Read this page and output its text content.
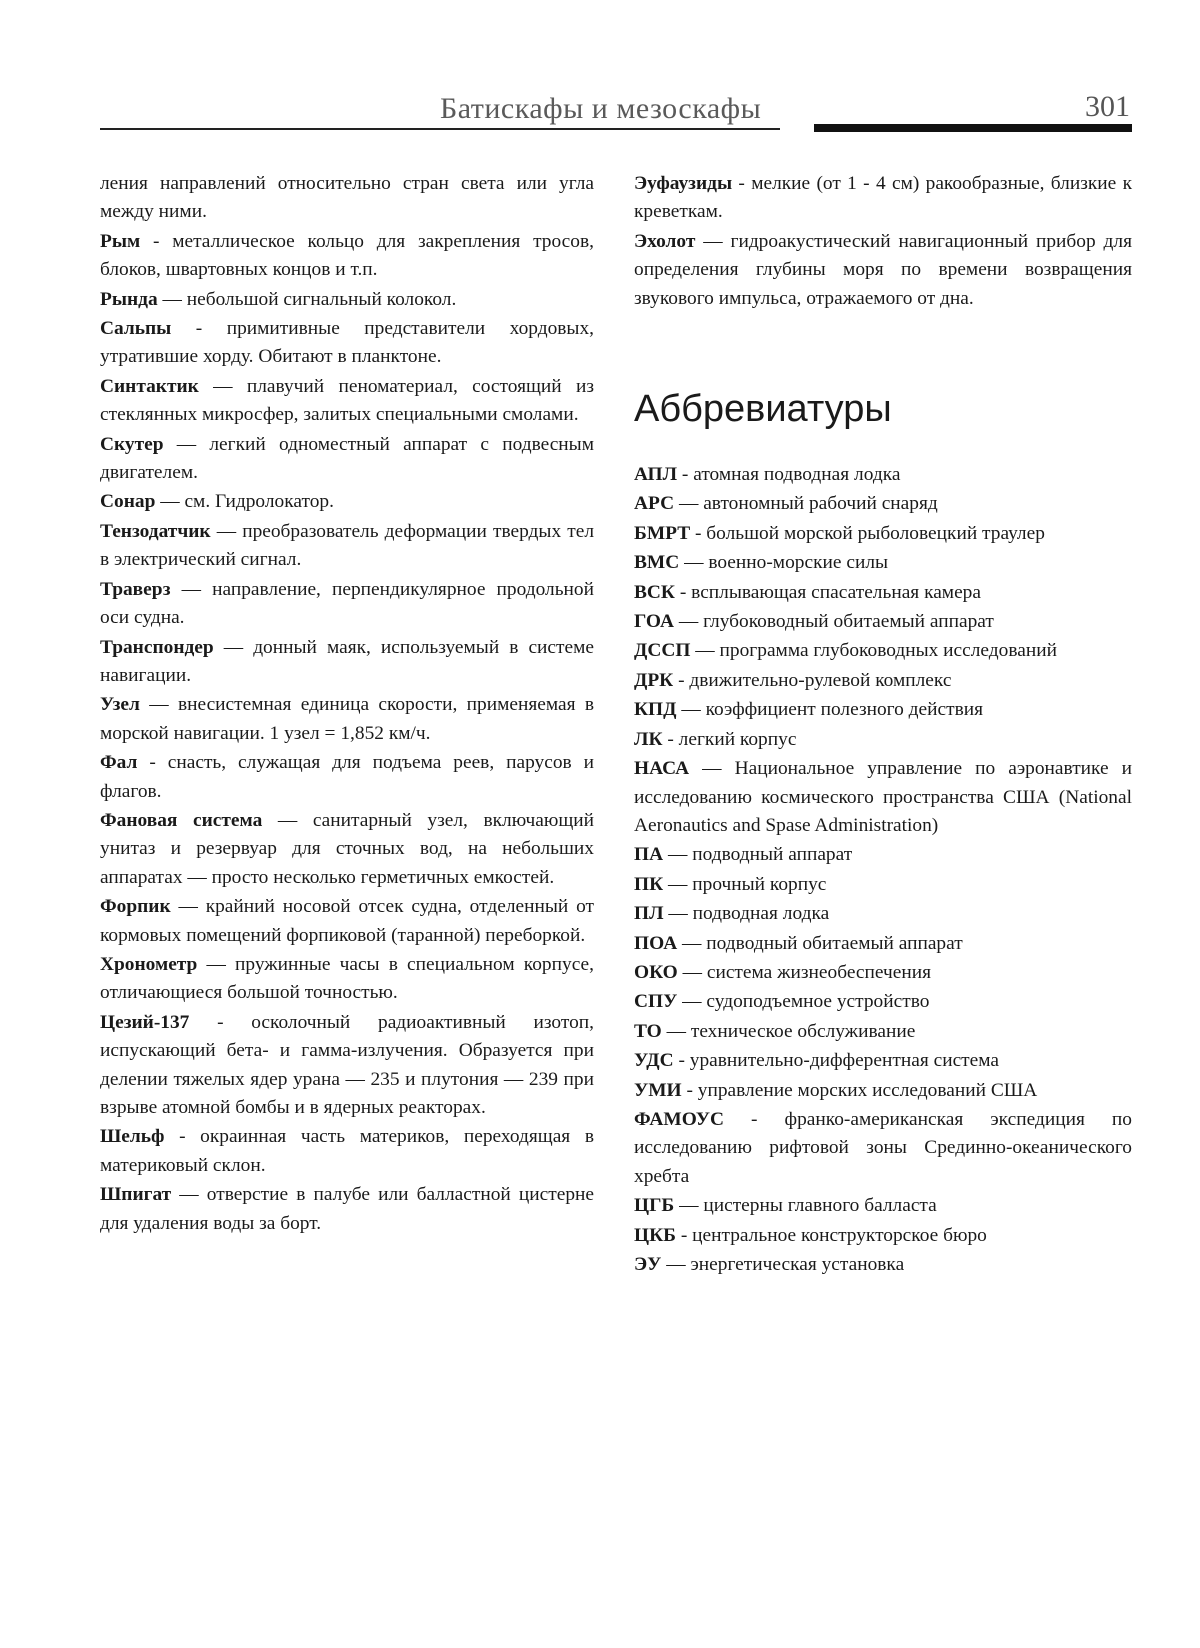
Батискафы и мезоскафы	301

ления направлений относительно стран света или угла между ними.

Рым - металлическое кольцо для закрепления тросов, блоков, швартовных концов и т.п.

Рында — небольшой сигнальный колокол.

Сальпы - примитивные представители хордовых, утратившие хорду. Обитают в планктоне.

Синтактик — плавучий пеноматериал, состоящий из стеклянных микросфер, залитых специальными смолами.

Скутер — легкий одноместный аппарат с подвесным двигателем.

Сонар — см. Гидролокатор.

Тензодатчик — преобразователь деформации твердых тел в электрический сигнал.

Траверз — направление, перпендикулярное продольной оси судна.

Транспондер — донный маяк, используемый в системе навигации.

Узел — внесистемная единица скорости, применяемая в морской навигации. 1 узел = 1,852 км/ч.

Фал - снасть, служащая для подъема реев, парусов и флагов.

Фановая система — санитарный узел, включающий унитаз и резервуар для сточных вод, на небольших аппаратах — просто несколько герметичных емкостей.

Форпик — крайний носовой отсек судна, отделенный от кормовых помещений форпиковой (таранной) переборкой.

Хронометр — пружинные часы в специальном корпусе, отличающиеся большой точностью.

Цезий-137 - осколочный радиоактивный изотоп, испускающий бета- и гамма-излучения. Образуется при делении тяжелых ядер урана — 235 и плутония — 239 при взрыве атомной бомбы и в ядерных реакторах.

Шельф - окраинная часть материков, переходящая в материковый склон.

Шпигат — отверстие в палубе или балластной цистерне для удаления воды за борт.

Эуфаузиды - мелкие (от 1 - 4 см) ракообразные, близкие к креветкам.

Эхолот — гидроакустический навигационный прибор для определения глубины моря по времени возвращения звукового импульса, отражаемого от дна.

Аббревиатуры

АПЛ - атомная подводная лодка

АРС — автономный рабочий снаряд

БМРТ - большой морской рыболовецкий траулер

ВМС — военно-морские силы

ВСК - всплывающая спасательная камера

ГОА — глубоководный обитаемый аппарат

ДССП — программа глубоководных исследований

ДРК - движительно-рулевой комплекс

КПД — коэффициент полезного действия

ЛК - легкий корпус

НАСА — Национальное управление по аэронавтике и исследованию космического пространства США (National Aeronautics and Spase Administration)

ПА — подводный аппарат

ПК — прочный корпус

ПЛ — подводная лодка

ПОА — подводный обитаемый аппарат

ОКО — система жизнеобеспечения

СПУ — судоподъемное устройство

ТО — техническое обслуживание

УДС - уравнительно-дифферентная система

УМИ - управление морских исследований США

ФАМОУС - франко-американская экспедиция по исследованию рифтовой зоны Срединно-океанического хребта

ЦГБ — цистерны главного балласта

ЦКБ - центральное конструкторское бюро

ЭУ — энергетическая установка
